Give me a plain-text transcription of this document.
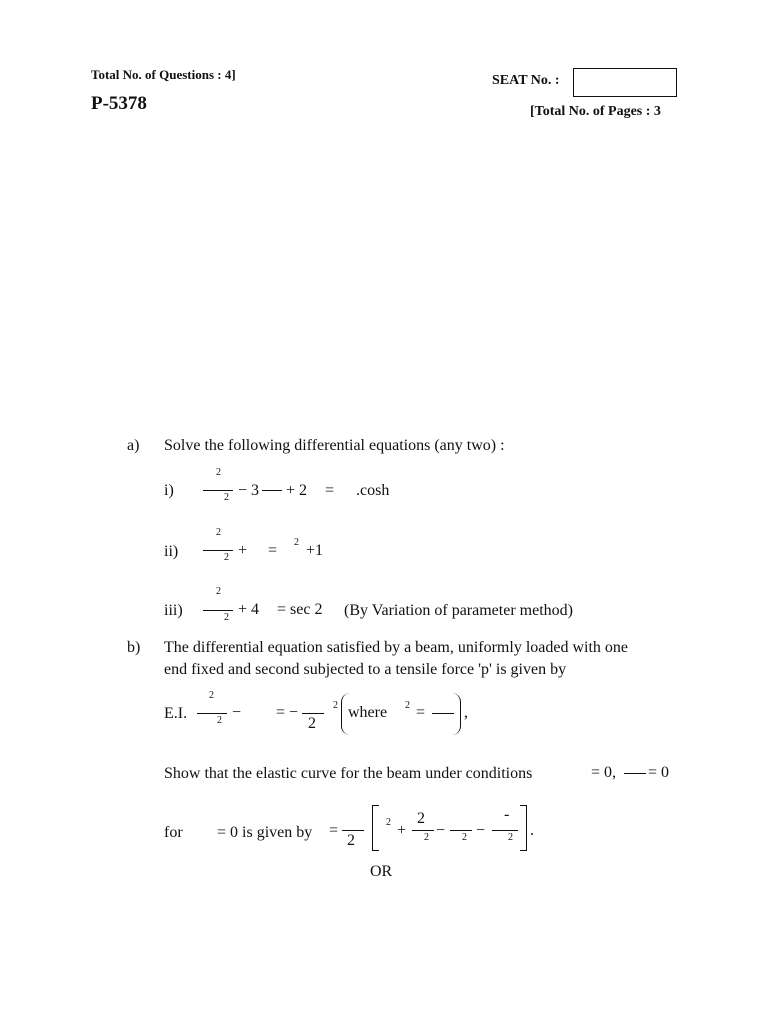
Total No. of Questions : 4]
P-5378
SEAT No. :
[Total No. of Pages : 3
a) Solve the following differential equations (any two) :
i)
2
2 − 3 + 2 = .cosh
ii)
2
2 + = 2 +1
iii)
2
2 + 4 = sec 2 (By Variation of parameter method)
b) The differential equation satisfied by a beam, uniformly loaded with one
end fixed and second subjected to a tensile force 'p' is given by
E.I.
2
2 − = −
2
2 where 2 = ,
Show that the elastic curve for the beam under conditions	= 0, = 0
for = 0 is given by =
2
2 +
2
2 − 2 −
-
2 .
OR
